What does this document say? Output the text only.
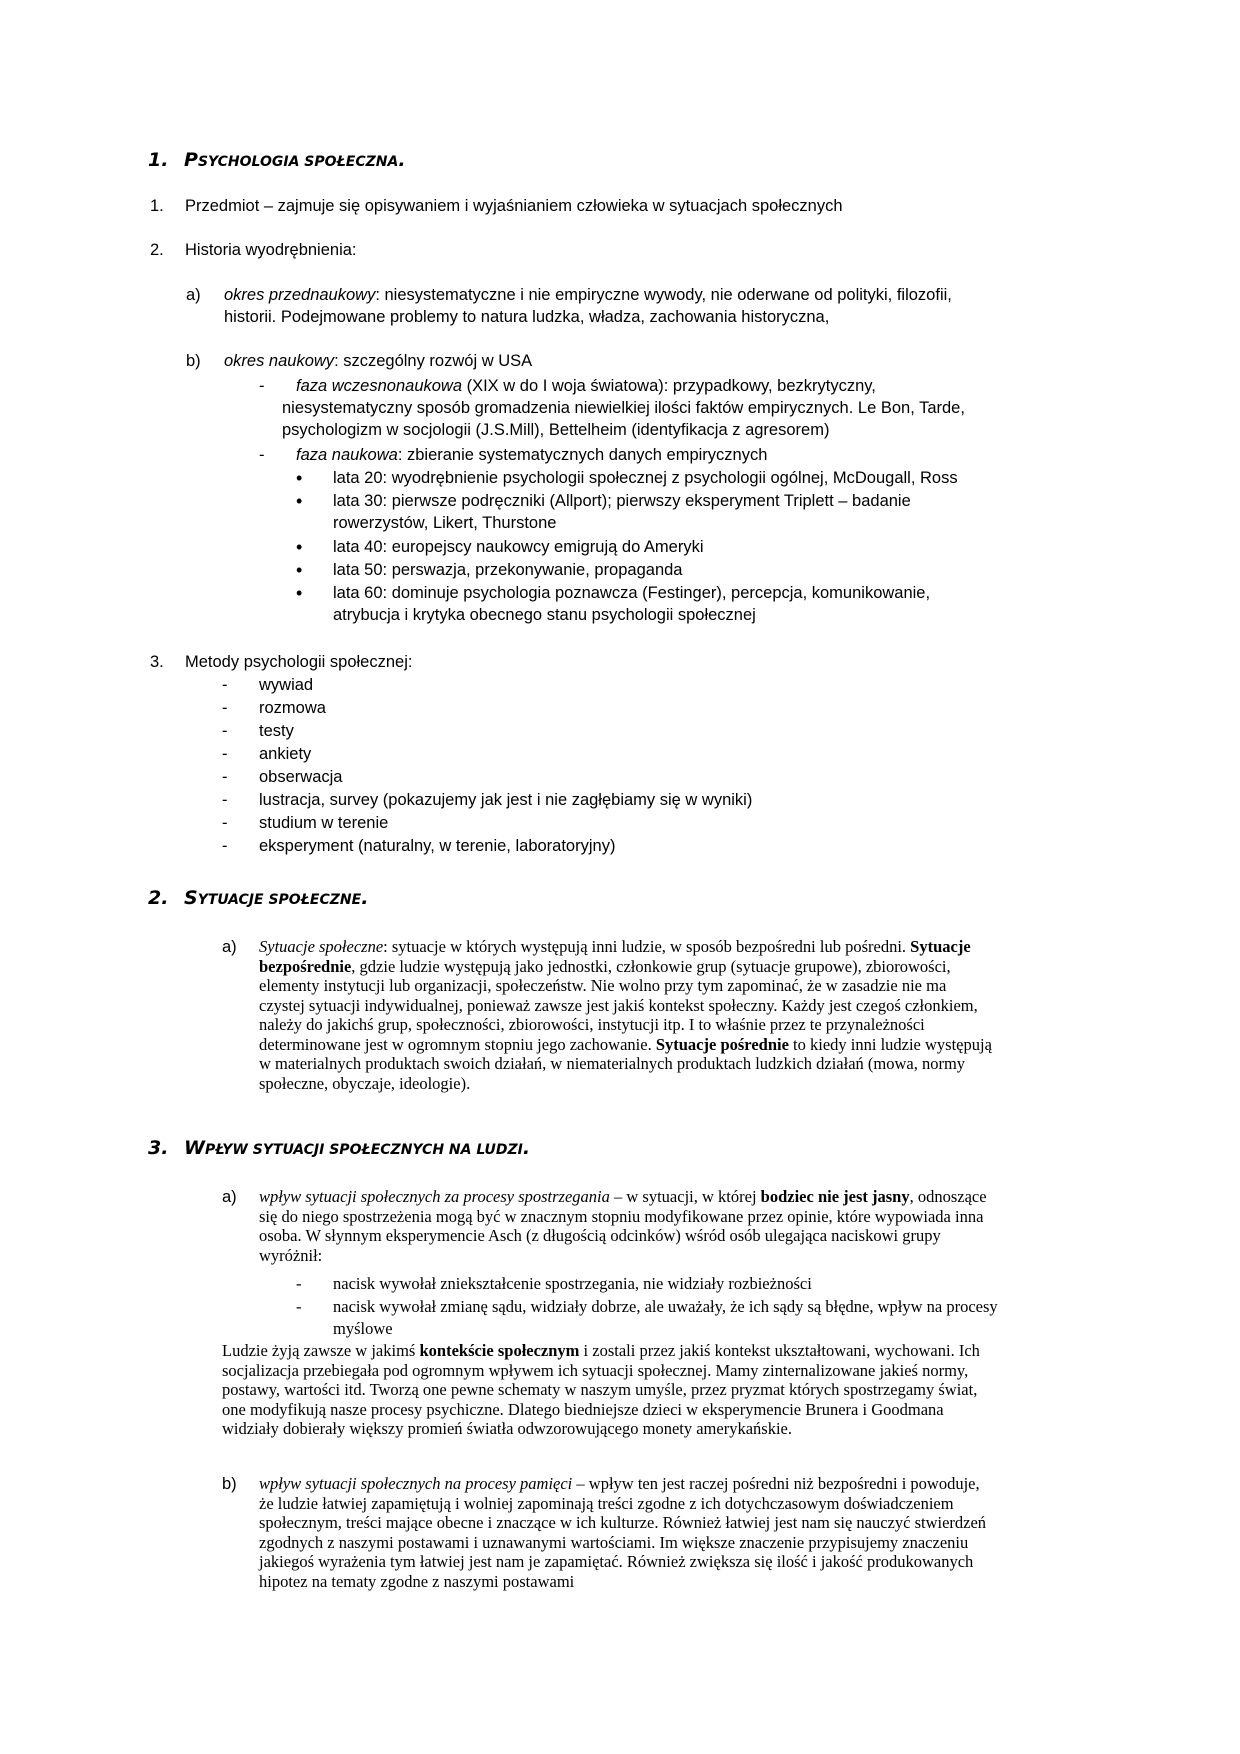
1. PSYCHOLOGIA SPOŁECZNA.
1. Przedmiot – zajmuje się opisywaniem i wyjaśnianiem człowieka w sytuacjach społecznych
2. Historia wyodrębnienia:
a) okres przednaukowy: niesystematyczne i nie empiryczne wywody, nie oderwane od polityki, filozofii,
historii. Podejmowane problemy to natura ludzka, władza, zachowania historyczna,
b) okres naukowy: szczególny rozwój w USA
- faza wczesnonaukowa (XIX w do I woja światowa): przypadkowy, bezkrytyczny,
niesystematyczny sposób gromadzenia niewielkiej ilości faktów empirycznych. Le Bon, Tarde,
psychologizm w socjologii (J.S.Mill), Bettelheim (identyfikacja z agresorem)
- faza naukowa: zbieranie systematycznych danych empirycznych
• lata 20: wyodrębnienie psychologii społecznej z psychologii ogólnej, McDougall, Ross
• lata 30: pierwsze podręczniki (Allport); pierwszy eksperyment Triplett – badanie
rowerzystów, Likert, Thurstone
• lata 40: europejscy naukowcy emigrują do Ameryki
• lata 50: perswazja, przekonywanie, propaganda
• lata 60: dominuje psychologia poznawcza (Festinger), percepcja, komunikowanie,
atrybucja i krytyka obecnego stanu psychologii społecznej
3. Metody psychologii społecznej:
- wywiad
- rozmowa
- testy
- ankiety
- obserwacja
- lustracja, survey (pokazujemy jak jest i nie zagłębiamy się w wyniki)
- studium w terenie
- eksperyment (naturalny, w terenie, laboratoryjny)
2. SYTUACJE SPOŁECZNE.
a) Sytuacje społeczne: sytuacje w których występują inni ludzie, w sposób bezpośredni lub pośredni. Sytuacje
bezpośrednie, gdzie ludzie występują jako jednostki, członkowie grup (sytuacje grupowe), zbiorowości,
elementy instytucji lub organizacji, społeczeństw. Nie wolno przy tym zapominać, że w zasadzie nie ma
czystej sytuacji indywidualnej, ponieważ zawsze jest jakiś kontekst społeczny. Każdy jest czegoś członkiem,
należy do jakichś grup, społeczności, zbiorowości, instytucji itp. I to właśnie przez te przynależności
determinowane jest w ogromnym stopniu jego zachowanie. Sytuacje pośrednie to kiedy inni ludzie występują
w materialnych produktach swoich działań, w niematerialnych produktach ludzkich działań (mowa, normy
społeczne, obyczaje, ideologie).
3. WPŁYW SYTUACJI SPOŁECZNYCH NA LUDZI.
a) wpływ sytuacji społecznych za procesy spostrzegania – w sytuacji, w której bodziec nie jest jasny, odnoszące
się do niego spostrzeżenia mogą być w znacznym stopniu modyfikowane przez opinie, które wypowiada inna
osoba. W słynnym eksperymencie Asch (z długością odcinków) wśród osób ulegająca naciskowi grupy
wyróżnił:
- nacisk wywołał zniekształcenie spostrzegania, nie widziały rozbieżności
- nacisk wywołał zmianę sądu, widziały dobrze, ale uważały, że ich sądy są błędne, wpływ na procesy
myślowe
Ludzie żyją zawsze w jakimś kontekście społecznym i zostali przez jakiś kontekst ukształtowani, wychowani. Ich
socjalizacja przebiegała pod ogromnym wpływem ich sytuacji społecznej. Mamy zinternalizowane jakieś normy,
postawy, wartości itd. Tworzą one pewne schematy w naszym umyśle, przez pryzmat których spostrzegamy świat,
one modyfikują nasze procesy psychiczne. Dlatego biedniejsze dzieci w eksperymencie Brunera i Goodmana
widziały dobierały większy promień światła odwzorowującego monety amerykańskie.
b) wpływ sytuacji społecznych na procesy pamięci – wpływ ten jest raczej pośredni niż bezpośredni i powoduje,
że ludzie łatwiej zapamiętują i wolniej zapominają treści zgodne z ich dotychczasowym doświadczeniem
społecznym, treści mające obecne i znaczące w ich kulturze. Również łatwiej jest nam się nauczyć stwierdzeń
zgodnych z naszymi postawami i uznawanymi wartościami. Im większe znaczenie przypisujemy znaczeniu
jakiegoś wyrażenia tym łatwiej jest nam je zapamiętać. Również zwiększa się ilość i jakość produkowanych
hipotez na tematy zgodne z naszymi postawami
